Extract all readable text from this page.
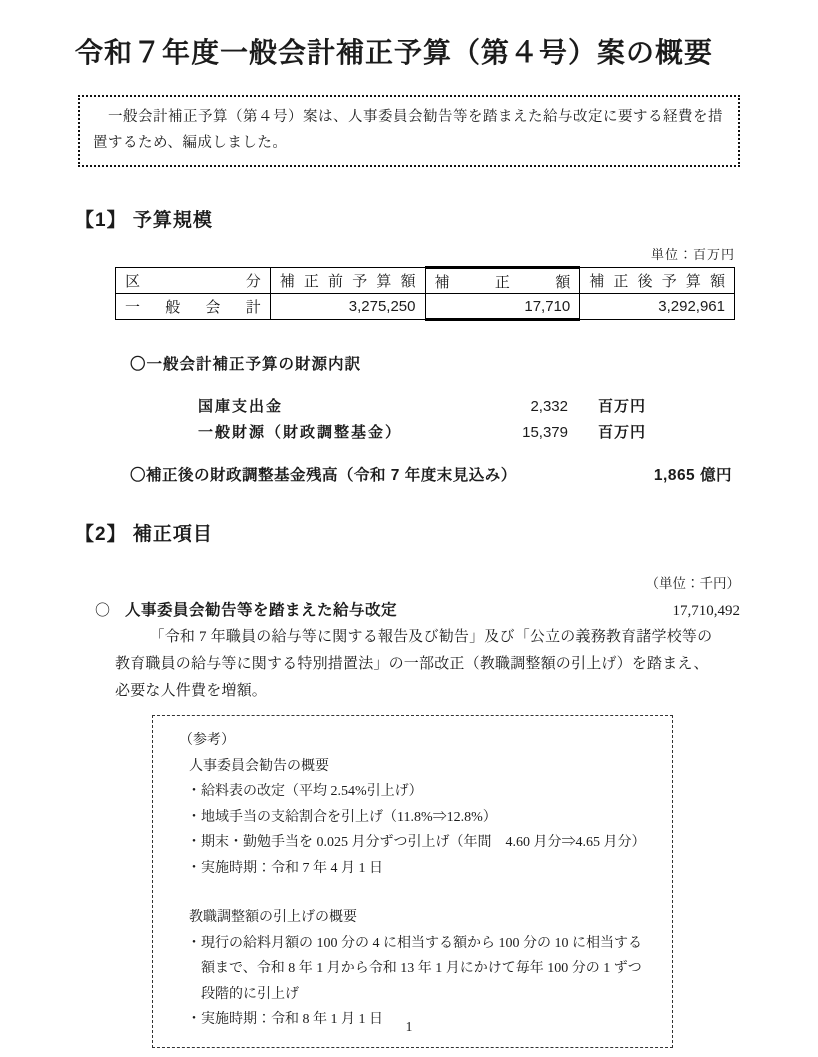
令和７年度一般会計補正予算（第４号）案の概要
　一般会計補正予算（第４号）案は、人事委員会勧告等を踏まえた給与改定に要する経費を措置するため、編成しました。
【1】 予算規模
単位：百万円
区分	補正前予算額	補正額	補正後予算額
一般会計	3,275,250	17,710	3,292,961
〇一般会計補正予算の財源内訳
国庫支出金	2,332	百万円
一般財源（財政調整基金）	15,379	百万円
〇補正後の財政調整基金残高（令和 7 年度末見込み）	1,865 億円
【2】 補正項目
（単位：千円）
〇 人事委員会勧告等を踏まえた給与改定	17,710,492

「令和 7 年職員の給与等に関する報告及び勧告」及び「公立の義務教育諸学校等の教育職員の給与等に関する特別措置法」の一部改正（教職調整額の引上げ）を踏まえ、必要な人件費を増額。

（参考）
人事委員会勧告の概要
・ 給料表の改定（平均 2.54%引上げ）
・ 地域手当の支給割合を引上げ（11.8%⇒12.8%）
・ 期末・勤勉手当を 0.025 月分ずつ引上げ（年間　4.60 月分⇒4.65 月分）
・ 実施時期：令和 7 年 4 月 1 日
教職調整額の引上げの概要
・ 現行の給料月額の 100 分の 4 に相当する額から 100 分の 10 に相当する額まで、令和 8 年 1 月から令和 13 年 1 月にかけて毎年 100 分の 1 ずつ段階的に引上げ
・ 実施時期：令和 8 年 1 月 1 日	1
